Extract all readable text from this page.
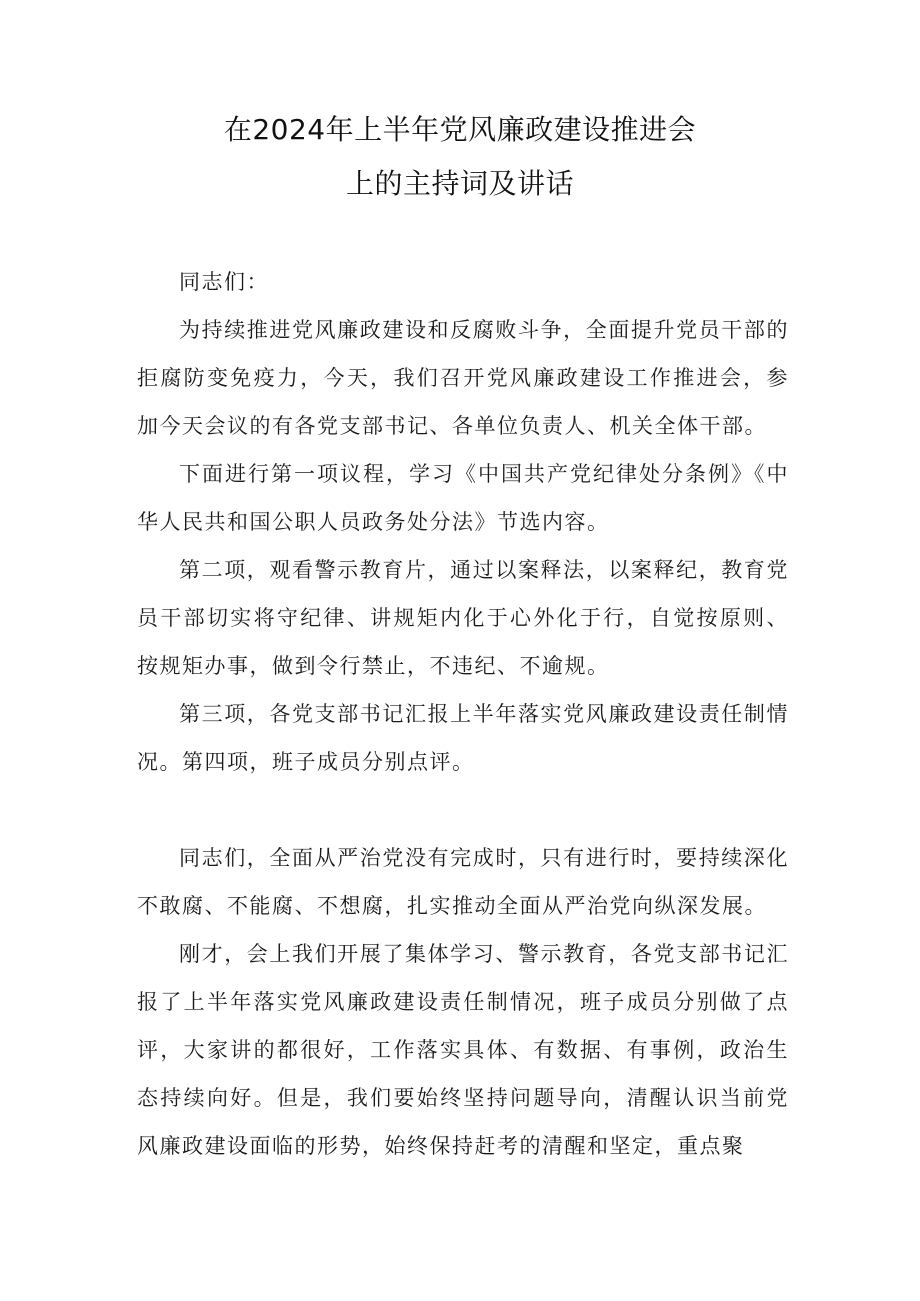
在2024年上半年党风廉政建设推进会
上的主持词及讲话

同志们：

为持续推进党风廉政建设和反腐败斗争，全面提升党员干部的拒腐防变免疫力，今天，我们召开党风廉政建设工作推进会，参加今天会议的有各党支部书记、各单位负责人、机关全体干部。

下面进行第一项议程，学习《中国共产党纪律处分条例》《中华人民共和国公职人员政务处分法》节选内容。

第二项，观看警示教育片，通过以案释法，以案释纪，教育党员干部切实将守纪律、讲规矩内化于心外化于行，自觉按原则、按规矩办事，做到令行禁止，不违纪、不逾规。

第三项，各党支部书记汇报上半年落实党风廉政建设责任制情况。第四项，班子成员分别点评。

同志们，全面从严治党没有完成时，只有进行时，要持续深化不敢腐、不能腐、不想腐，扎实推动全面从严治党向纵深发展。

刚才，会上我们开展了集体学习、警示教育，各党支部书记汇报了上半年落实党风廉政建设责任制情况，班子成员分别做了点评，大家讲的都很好，工作落实具体、有数据、有事例，政治生态持续向好。但是，我们要始终坚持问题导向，清醒认识当前党风廉政建设面临的形势，始终保持赶考的清醒和坚定，重点聚
